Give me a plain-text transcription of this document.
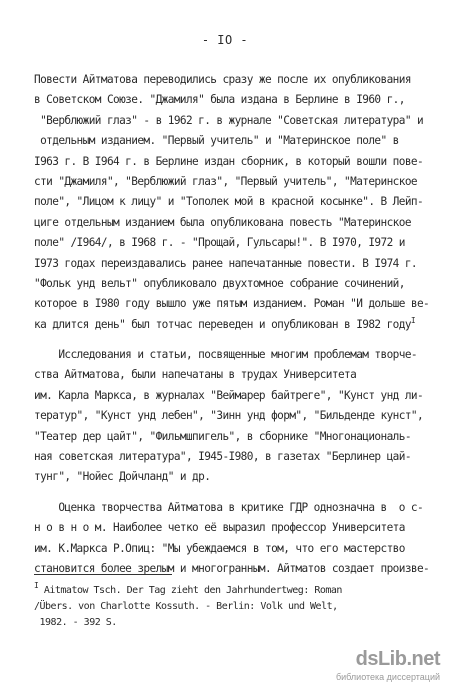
- IO -
Повести Айтматова переводились сразу же после их опубликования
в Советском Союзе. "Джамиля" была издана в Берлине в I960 г.,
"Верблюжий глаз" - в 1962 г. в журнале "Советская литература" и
отдельным изданием. "Первый учитель" и "Материнское поле" в
I963 г. В I964 г. в Берлине издан сборник, в который вошли пове-
сти "Джамиля", "Верблюжий глаз", "Первый учитель", "Материнское
поле", "Лицом к лицу" и "Тополек мой в красной косынке". В Лейп-
циге отдельным изданием была опубликована повесть "Материнское
поле" /I964/, в I968 г. - "Прощай, Гульсары!". В I970, I972 и
I973 годах переиздавались ранее напечатанные повести. В I974 г.
"Фольк унд вельт" опубликовало двухтомное собрание сочинений,
которое в I980 году вышло уже пятым изданием. Роман "И дольше ве-
ка длится день" был тотчас переведен и опубликован в I982 году$^I$
Исследования и статьи, посвященные многим проблемам творче-
ства Айтматова, были напечатаны в трудах Университета
им. Карла Маркса, в журналах "Веймарер байтреге", "Кунст унд ли-
тератур", "Кунст унд лебен", "Зинн унд форм", "Бильденде кунст",
"Театер дер цайт", "Фильмшпигель", в сборнике "Многонациональ-
ная советская литература", I945-I980, в газетах "Берлинер цай-
тунг", "Нойес Дойчланд" и др.
Оценка творчества Айтматова в критике ГДР однозначна в  о с-
н о в н о м. Наиболее четко её выразил профессор Университета
им. К.Маркса Р.Опиц: "Мы убеждаемся в том, что его мастерство
становится более зрелым и многогранным. Айтматов создает произве-
$^I$ Aitmatow Tsch. Der Tag zieht den Jahrhundertweg: Roman
/Übers. von Charlotte Kossuth. - Berlin: Volk und Welt,
1982. - 392 S.
dsLib.net
библиотека диссертаций
